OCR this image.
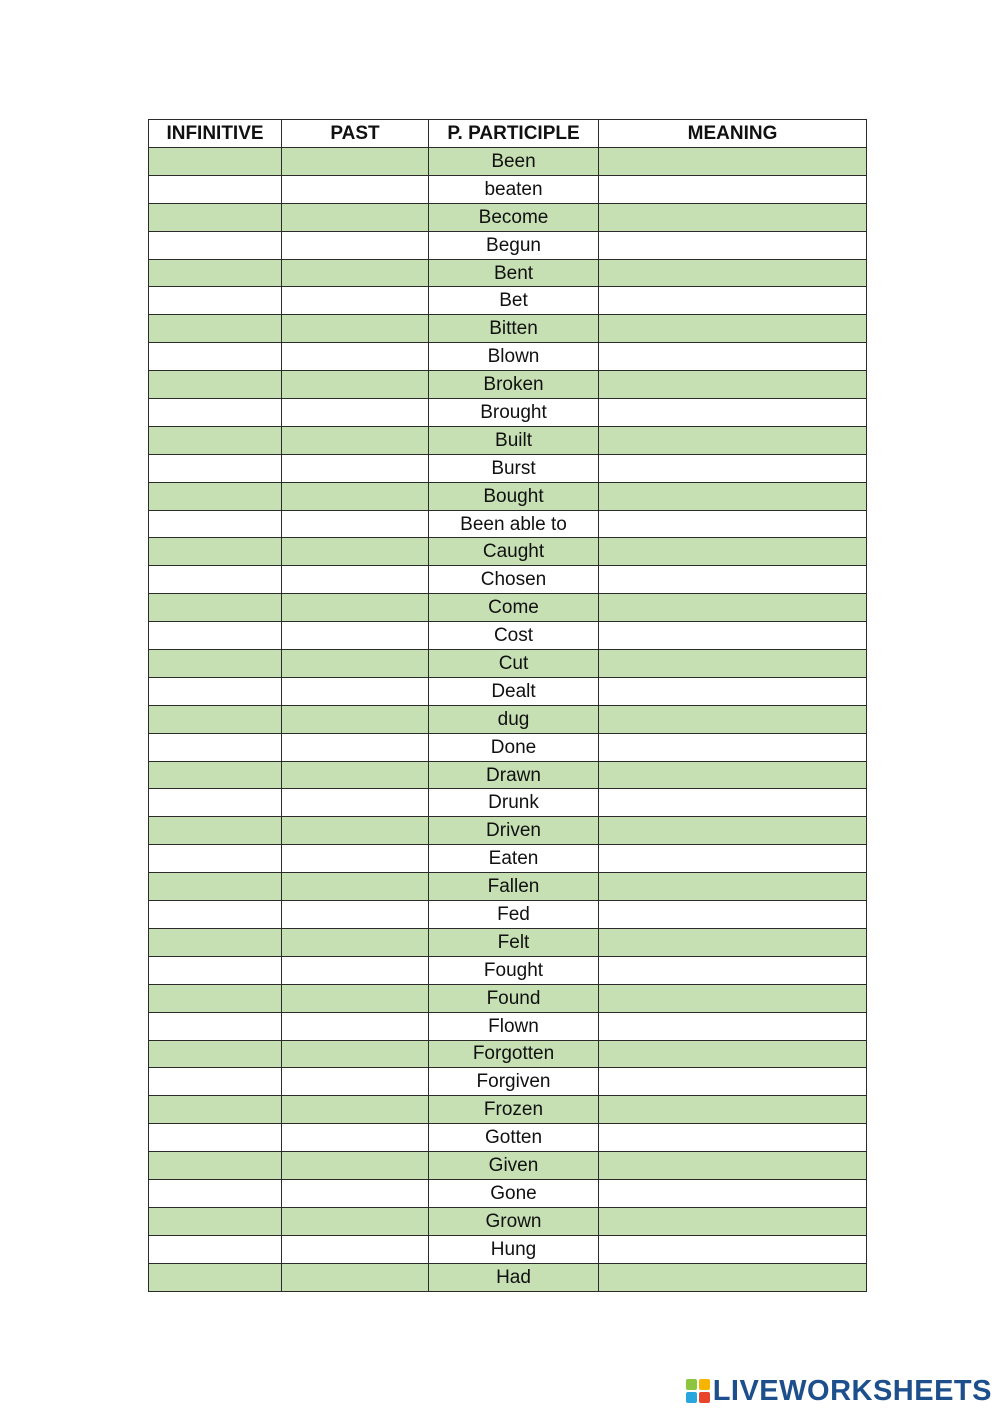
INFINITIVE	PAST	P. PARTICIPLE	MEANING
		Been	
		beaten	
		Become	
		Begun	
		Bent	
		Bet	
		Bitten	
		Blown	
		Broken	
		Brought	
		Built	
		Burst	
		Bought	
		Been able to	
		Caught	
		Chosen	
		Come	
		Cost	
		Cut	
		Dealt	
		dug	
		Done	
		Drawn	
		Drunk	
		Driven	
		Eaten	
		Fallen	
		Fed	
		Felt	
		Fought	
		Found	
		Flown	
		Forgotten	
		Forgiven	
		Frozen	
		Gotten	
		Given	
		Gone	
		Grown	
		Hung	
		Had	
LIVEWORKSHEETS
